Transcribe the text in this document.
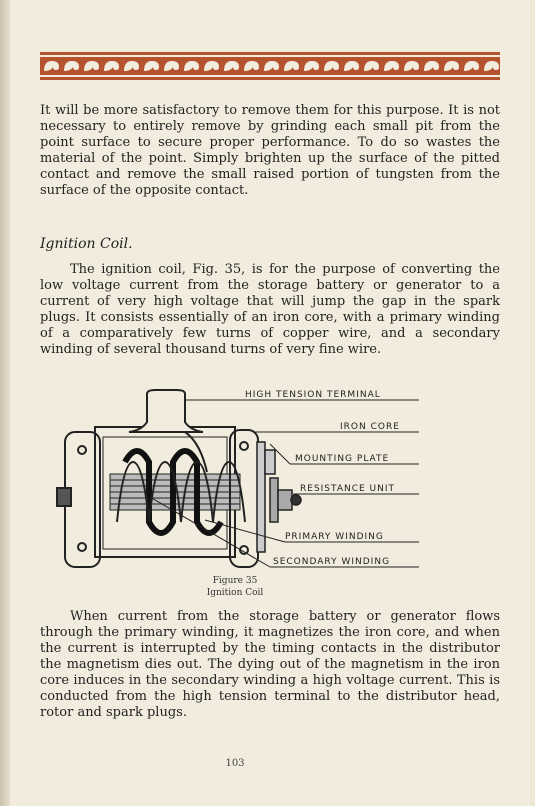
It will be more satisfactory to remove them for this purpose. It is not necessary to entirely remove by grinding each small pit from the point surface to secure proper performance. To do so wastes the material of the point. Simply brighten up the surface of the pitted contact and remove the small raised portion of tungsten from the surface of the opposite contact.

Ignition Coil.

The ignition coil, Fig. 35, is for the purpose of converting the low voltage current from the storage battery or generator to a current of very high voltage that will jump the gap in the spark plugs. It consists essentially of an iron core, with a primary winding of a comparatively few turns of copper wire, and a secondary winding of several thousand turns of very fine wire.

HIGH TENSION TERMINAL
IRON CORE
MOUNTING PLATE
RESISTANCE UNIT
PRIMARY WINDING
SECONDARY WINDING

Figure 35

Ignition Coil

When current from the storage battery or generator flows through the primary winding, it magnetizes the iron core, and when the current is interrupted by the timing contacts in the distributor the magnetism dies out. The dying out of the magnetism in the iron core induces in the secondary winding a high voltage current. This is conducted from the high tension terminal to the distributor head, rotor and spark plugs.

103
